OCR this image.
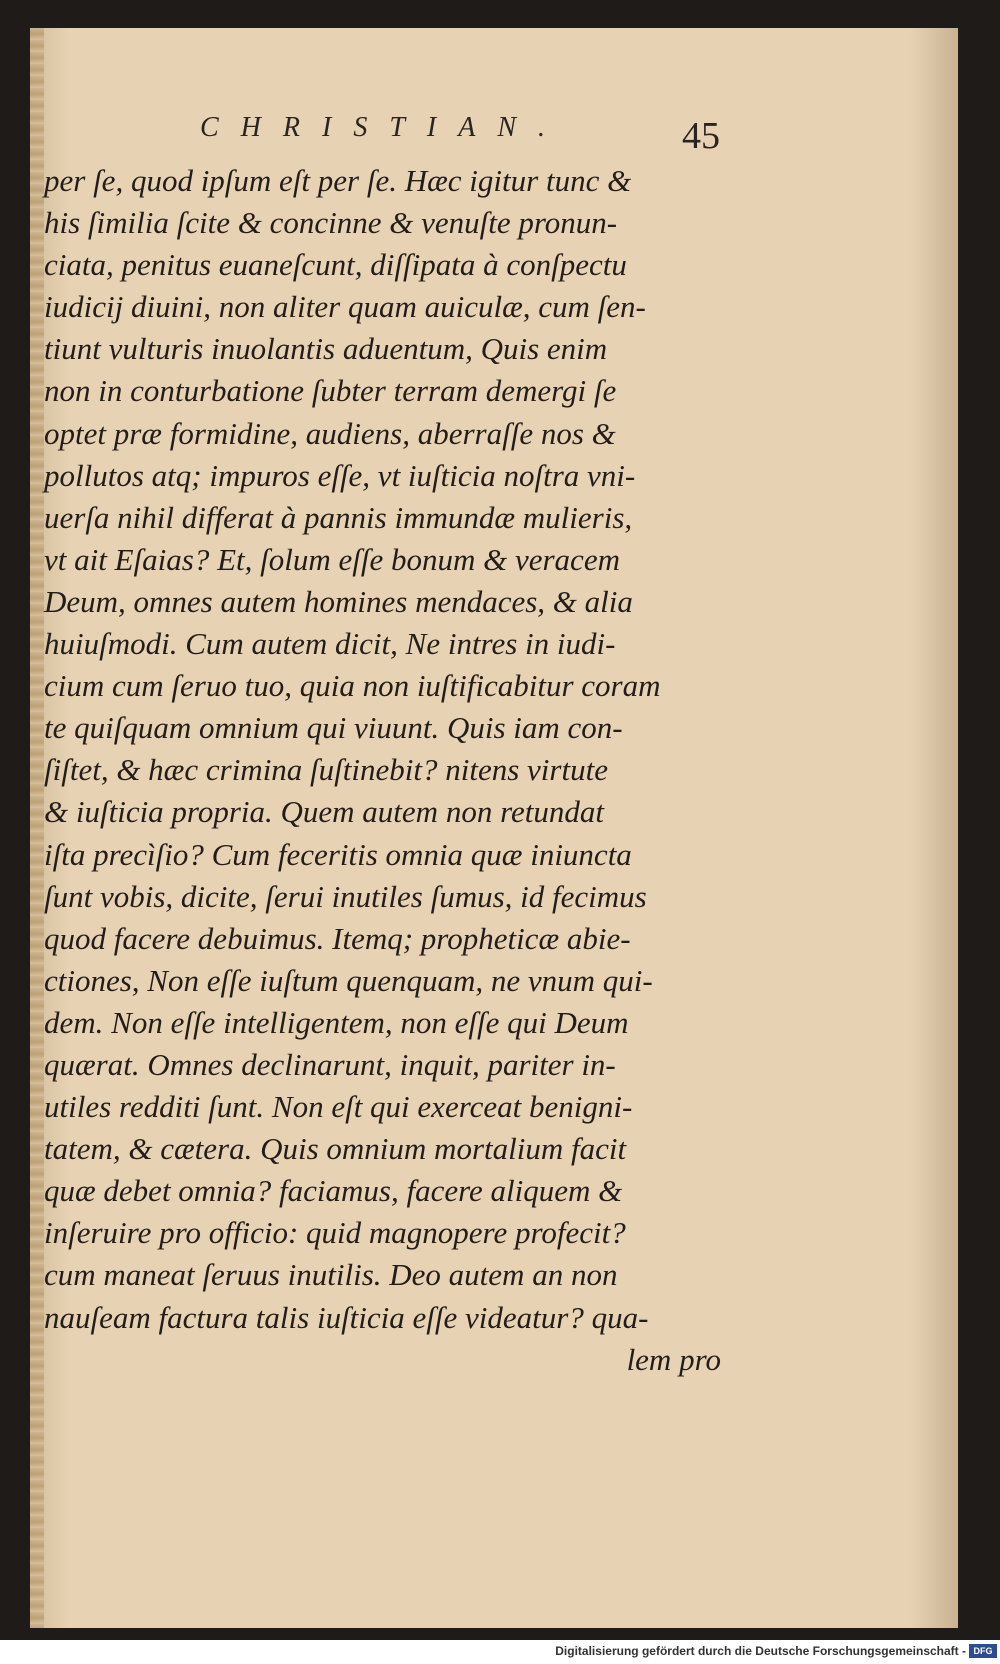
CHRISTIAN.	45
per ſe, quod ipſum eſt per ſe. Hæc igitur tunc &
his ſimilia ſcite & concinne & venuſte pronun-
ciata, penitus euaneſcunt, diſſipata à conſpectu
iudicij diuini, non aliter quam auiculæ, cum ſen-
tiunt vulturis inuolantis aduentum, Quis enim
non in conturbatione ſubter terram demergi ſe
optet præ formidine, audiens, aberraſſe nos &
pollutos atq; impuros eſſe, vt iuſticia noſtra vni-
uerſa nihil differat à pannis immundæ mulieris,
vt ait Eſaias? Et, ſolum eſſe bonum & veracem
Deum, omnes autem homines mendaces, & alia
huiuſmodi. Cum autem dicit, Ne intres in iudi-
cium cum ſeruo tuo, quia non iuſtificabitur coram
te quiſquam omnium qui viuunt. Quis iam con-
ſiſtet, & hæc crimina ſuſtinebit? nitens virtute
& iuſticia propria. Quem autem non retundat
iſta precìſio? Cum feceritis omnia quæ iniuncta
ſunt vobis, dicite, ſerui inutiles ſumus, id fecimus
quod facere debuimus. Itemq; propheticæ abie-
ctiones, Non eſſe iuſtum quenquam, ne vnum qui-
dem. Non eſſe intelligentem, non eſſe qui Deum
quærat. Omnes declinarunt, inquit, pariter in-
utiles redditi ſunt. Non eſt qui exerceat benigni-
tatem, & cætera. Quis omnium mortalium facit
quæ debet omnia? faciamus, facere aliquem &
inſeruire pro officio: quid magnopere profecit?
cum maneat ſeruus inutilis. Deo autem an non
nauſeam factura talis iuſticia eſſe videatur? qua-
lem pro
Digitalisierung gefördert durch die Deutsche Forschungsgemeinschaft - DFG
